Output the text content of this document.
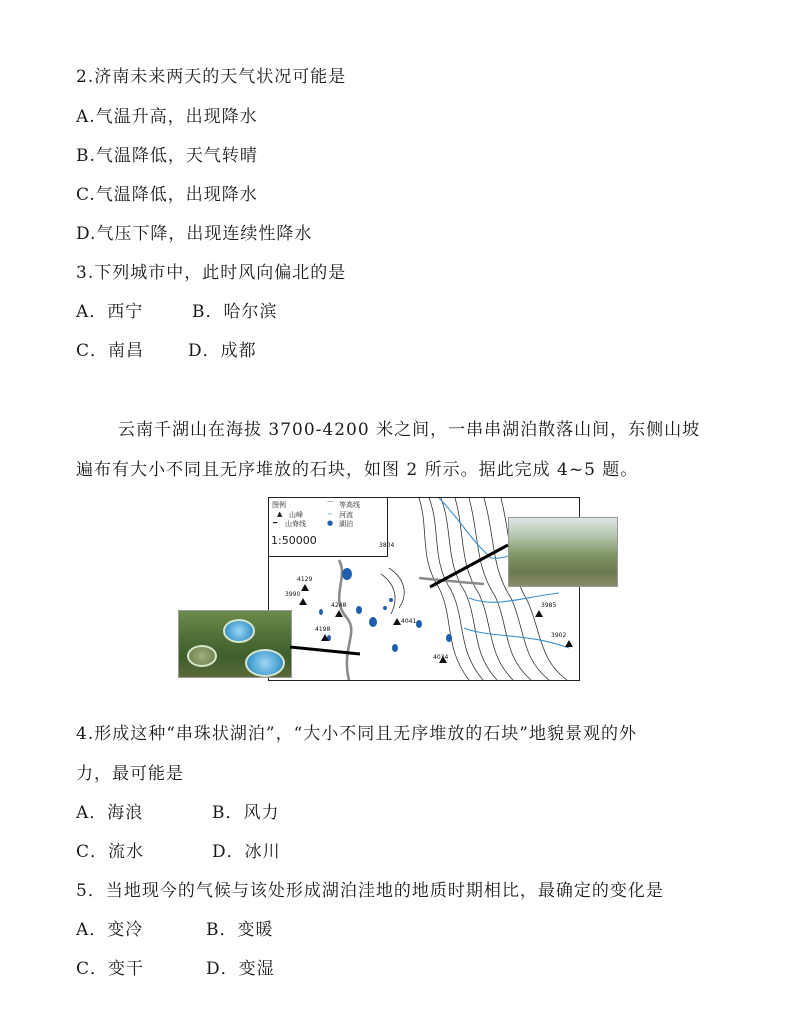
2.济南未来两天的天气状况可能是
A.气温升高，出现降水
B.气温降低，天气转晴
C.气温降低，出现降水
D.气压下降，出现连续性降水
3.下列城市中，此时风向偏北的是
A．西宁	B．哈尔滨
C．南昌	D．成都
云南千湖山在海拔 3700-4200 米之间，一串串湖泊散落山间，东侧山坡
遍布有大小不同且无序堆放的石块，如图 2 所示。据此完成 4~5 题。
图例
▲ 山峰
━ 山脊线
⌒ 等高线
∼ 河流
● 湖泊
1:50000	3804
4129
3990
4248
4198
4041
4034
3985
3902
4.形成这种“串珠状湖泊”，“大小不同且无序堆放的石块”地貌景观的外
力，最可能是
A．海浪	B．风力
C．流水	D．冰川
5．当地现今的气候与该处形成湖泊洼地的地质时期相比，最确定的变化是
A．变冷	B．变暖
C．变干	D．变湿
